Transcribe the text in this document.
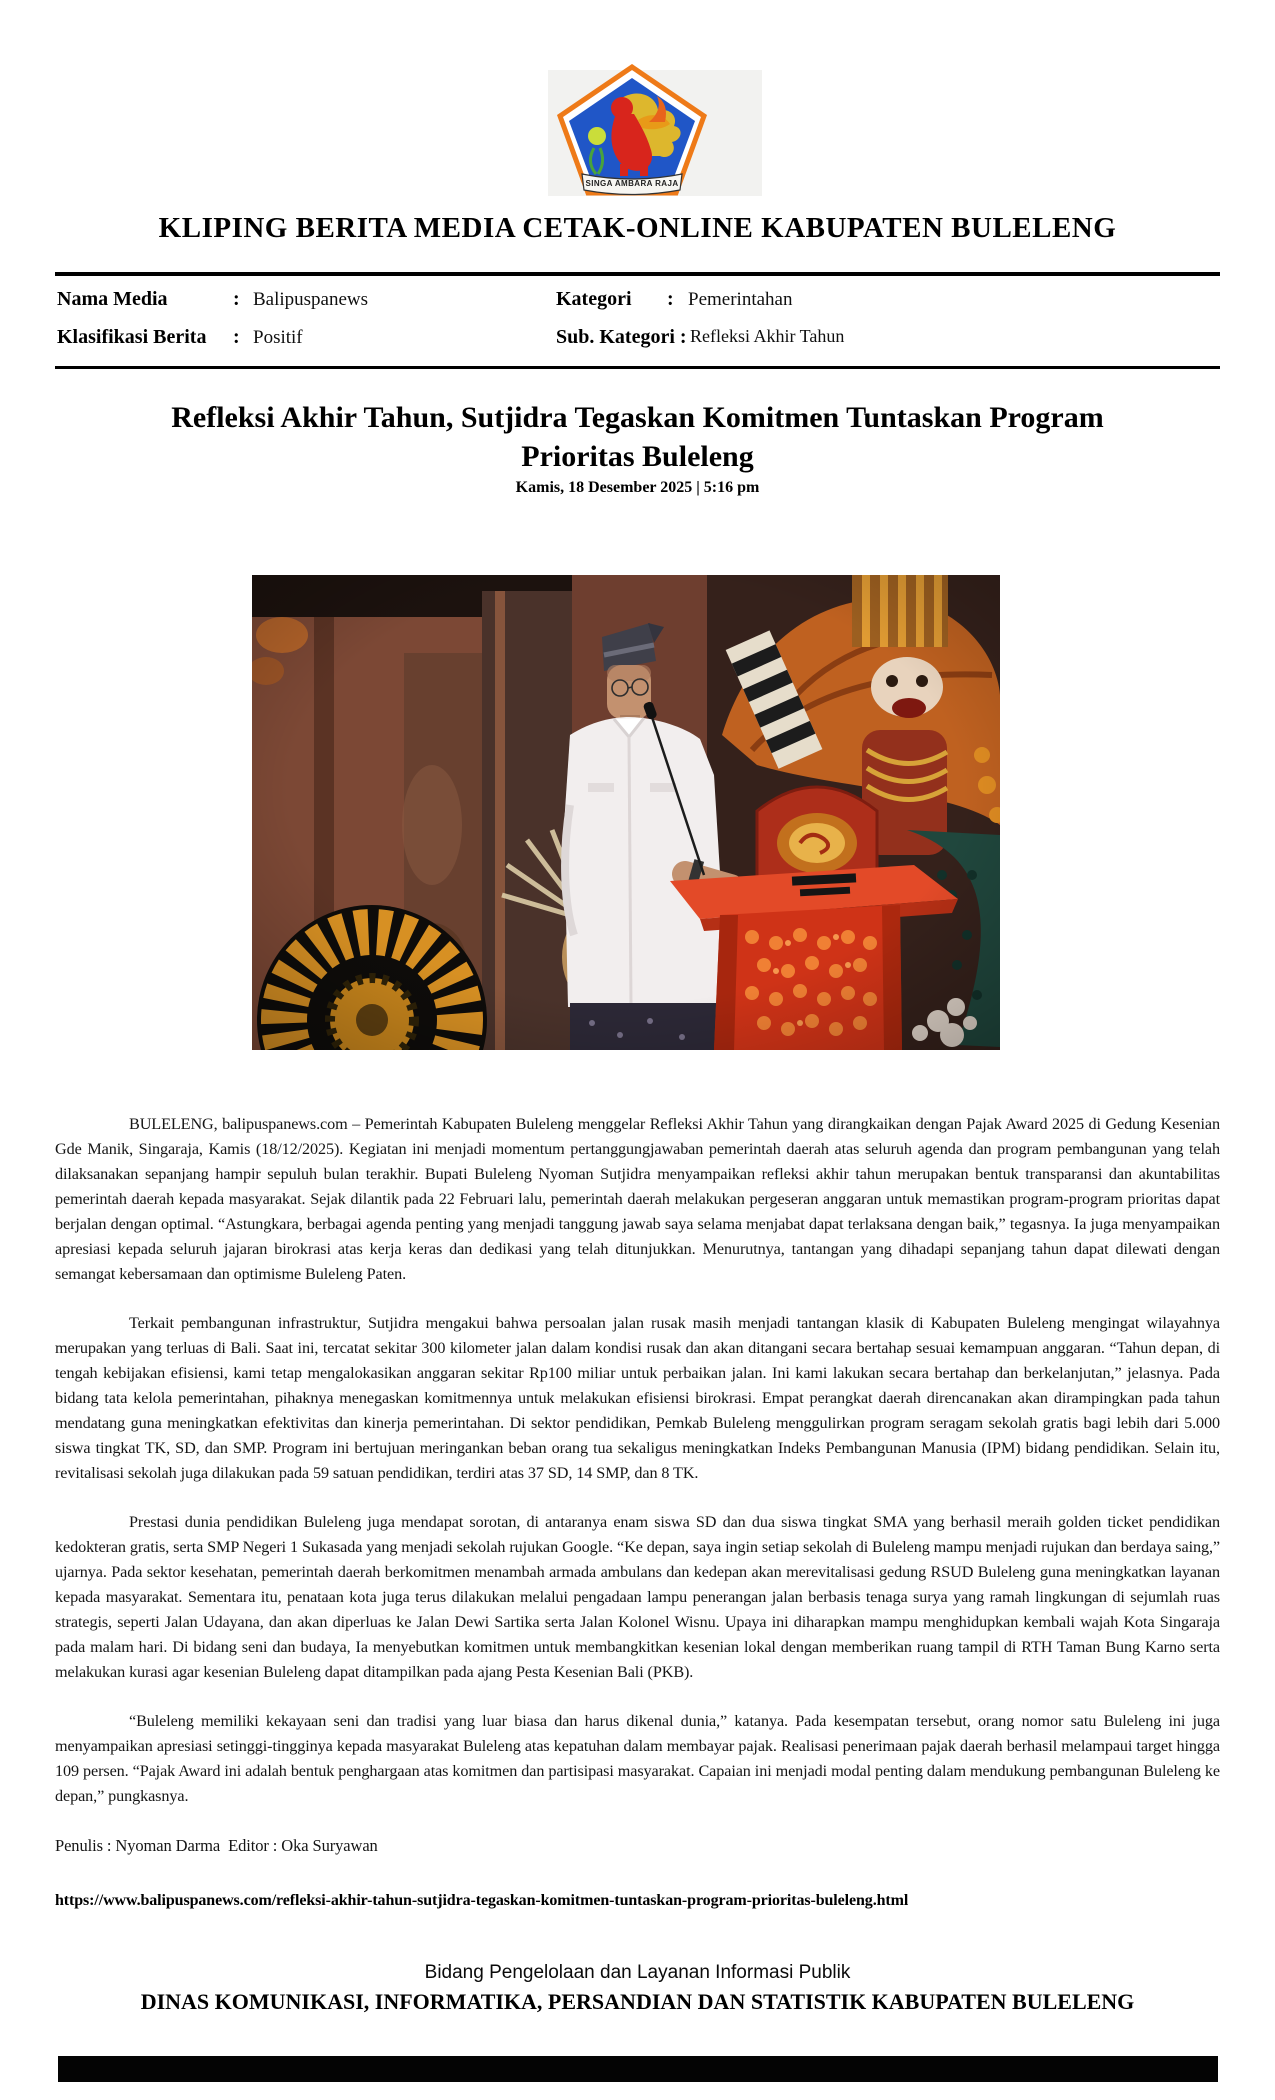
SINGA AMBARA RAJA
KLIPING BERITA MEDIA CETAK-ONLINE KABUPATEN BULELENG
Nama Media	: Balipuspanews	Kategori : Pemerintahan
Klasifikasi Berita : Positif	Sub. Kategori : Refleksi Akhir Tahun
Refleksi Akhir Tahun, Sutjidra Tegaskan Komitmen Tuntaskan Program Prioritas Buleleng
Kamis, 18 Desember 2025 | 5:16 pm

BULELENG, balipuspanews.com – Pemerintah Kabupaten Buleleng menggelar Refleksi Akhir Tahun yang dirangkaikan dengan Pajak Award 2025 di Gedung Kesenian Gde Manik, Singaraja, Kamis (18/12/2025). Kegiatan ini menjadi momentum pertanggungjawaban pemerintah daerah atas seluruh agenda dan program pembangunan yang telah dilaksanakan sepanjang hampir sepuluh bulan terakhir. Bupati Buleleng Nyoman Sutjidra menyampaikan refleksi akhir tahun merupakan bentuk transparansi dan akuntabilitas pemerintah daerah kepada masyarakat. Sejak dilantik pada 22 Februari lalu, pemerintah daerah melakukan pergeseran anggaran untuk memastikan program-program prioritas dapat berjalan dengan optimal. “Astungkara, berbagai agenda penting yang menjadi tanggung jawab saya selama menjabat dapat terlaksana dengan baik,” tegasnya. Ia juga menyampaikan apresiasi kepada seluruh jajaran birokrasi atas kerja keras dan dedikasi yang telah ditunjukkan. Menurutnya, tantangan yang dihadapi sepanjang tahun dapat dilewati dengan semangat kebersamaan dan optimisme Buleleng Paten.

Terkait pembangunan infrastruktur, Sutjidra mengakui bahwa persoalan jalan rusak masih menjadi tantangan klasik di Kabupaten Buleleng mengingat wilayahnya merupakan yang terluas di Bali. Saat ini, tercatat sekitar 300 kilometer jalan dalam kondisi rusak dan akan ditangani secara bertahap sesuai kemampuan anggaran. “Tahun depan, di tengah kebijakan efisiensi, kami tetap mengalokasikan anggaran sekitar Rp100 miliar untuk perbaikan jalan. Ini kami lakukan secara bertahap dan berkelanjutan,” jelasnya. Pada bidang tata kelola pemerintahan, pihaknya menegaskan komitmennya untuk melakukan efisiensi birokrasi. Empat perangkat daerah direncanakan akan dirampingkan pada tahun mendatang guna meningkatkan efektivitas dan kinerja pemerintahan. Di sektor pendidikan, Pemkab Buleleng menggulirkan program seragam sekolah gratis bagi lebih dari 5.000 siswa tingkat TK, SD, dan SMP. Program ini bertujuan meringankan beban orang tua sekaligus meningkatkan Indeks Pembangunan Manusia (IPM) bidang pendidikan. Selain itu, revitalisasi sekolah juga dilakukan pada 59 satuan pendidikan, terdiri atas 37 SD, 14 SMP, dan 8 TK.

Prestasi dunia pendidikan Buleleng juga mendapat sorotan, di antaranya enam siswa SD dan dua siswa tingkat SMA yang berhasil meraih golden ticket pendidikan kedokteran gratis, serta SMP Negeri 1 Sukasada yang menjadi sekolah rujukan Google. “Ke depan, saya ingin setiap sekolah di Buleleng mampu menjadi rujukan dan berdaya saing,” ujarnya. Pada sektor kesehatan, pemerintah daerah berkomitmen menambah armada ambulans dan kedepan akan merevitalisasi gedung RSUD Buleleng guna meningkatkan layanan kepada masyarakat. Sementara itu, penataan kota juga terus dilakukan melalui pengadaan lampu penerangan jalan berbasis tenaga surya yang ramah lingkungan di sejumlah ruas strategis, seperti Jalan Udayana, dan akan diperluas ke Jalan Dewi Sartika serta Jalan Kolonel Wisnu. Upaya ini diharapkan mampu menghidupkan kembali wajah Kota Singaraja pada malam hari. Di bidang seni dan budaya, Ia menyebutkan komitmen untuk membangkitkan kesenian lokal dengan memberikan ruang tampil di RTH Taman Bung Karno serta melakukan kurasi agar kesenian Buleleng dapat ditampilkan pada ajang Pesta Kesenian Bali (PKB).

“Buleleng memiliki kekayaan seni dan tradisi yang luar biasa dan harus dikenal dunia,” katanya. Pada kesempatan tersebut, orang nomor satu Buleleng ini juga menyampaikan apresiasi setinggi-tingginya kepada masyarakat Buleleng atas kepatuhan dalam membayar pajak. Realisasi penerimaan pajak daerah berhasil melampaui target hingga 109 persen. “Pajak Award ini adalah bentuk penghargaan atas komitmen dan partisipasi masyarakat. Capaian ini menjadi modal penting dalam mendukung pembangunan Buleleng ke depan,” pungkasnya.

Penulis : Nyoman Darma  Editor : Oka Suryawan
https://www.balipuspanews.com/refleksi-akhir-tahun-sutjidra-tegaskan-komitmen-tuntaskan-program-prioritas-buleleng.html
Bidang Pengelolaan dan Layanan Informasi Publik
DINAS KOMUNIKASI, INFORMATIKA, PERSANDIAN DAN STATISTIK KABUPATEN BULELENG
